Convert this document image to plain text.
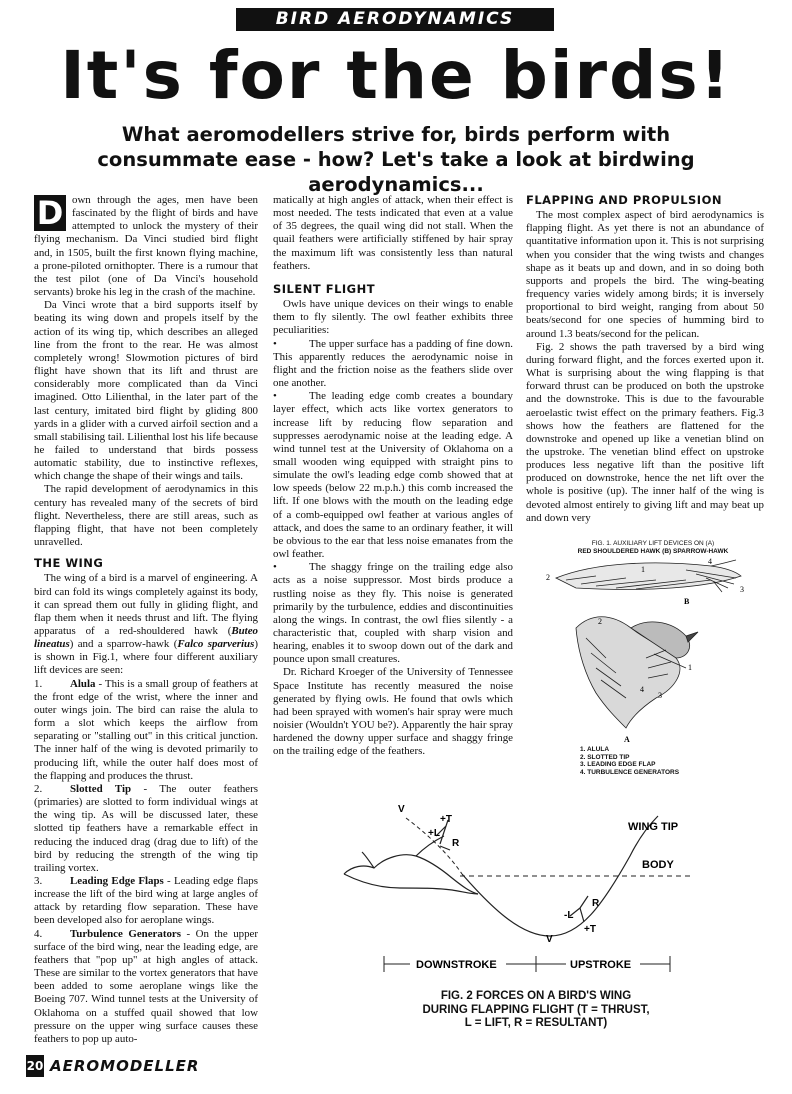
BIRD AERODYNAMICS
It's for the birds!
What aeromodellers strive for, birds perform with consummate ease - how? Let's take a look at birdwing aerodynamics...

D own through the ages, men have been fascinated by the flight of birds and have attempted to unlock the mystery of their flying mechanism. Da Vinci studied bird flight and, in 1505, built the first known flying machine, a prone-piloted ornithopter. There is a rumour that the test pilot (one of Da Vinci's household servants) broke his leg in the crash of the machine.

Da Vinci wrote that a bird supports itself by beating its wing down and propels itself by the action of its wing tip, which describes an alleged line from the front to the rear. He was almost completely wrong! Slowmotion pictures of bird flight have shown that its lift and thrust are considerably more complicated than da Vinci imagined. Otto Lilienthal, in the later part of the last century, imitated bird flight by gliding 800 yards in a glider with a curved airfoil section and a small stabilising tail. Lilienthal lost his life because he failed to understand that birds possess automatic stability, due to instinctive reflexes, which change the shape of their wings and tails.

The rapid development of aerodynamics in this century has revealed many of the secrets of bird flight. Nevertheless, there are still areas, such as flapping flight, that have not been completely unravelled.

THE WING

The wing of a bird is a marvel of engineering. A bird can fold its wings completely against its body, it can spread them out fully in gliding flight, and flap them when it needs thrust and lift. The flying apparatus of a red-shouldered hawk (Buteo lineatus) and a sparrow-hawk (Falco sparverius) is shown in Fig.1, where four different auxiliary lift devices are seen:

1.	Alula - This is a small group of feathers at the front edge of the wrist, where the inner and outer wings join. The bird can raise the alula to form a slot which keeps the airflow from separating or "stalling out" in this critical junction. The inner half of the wing is devoted primarily to producing lift, while the outer half does most of the flapping and produces the thrust.

2.	Slotted Tip - The outer feathers (primaries) are slotted to form individual wings at the wing tip. As will be discussed later, these slotted tip feathers have a remarkable effect in reducing the induced drag (drag due to lift) of the bird by reducing the strength of the wing tip trailing vortex.

3.	Leading Edge Flaps - Leading edge flaps increase the lift of the bird wing at large angles of attack by retarding flow separation. These have been developed also for aeroplane wings.

4.	Turbulence Generators - On the upper surface of the bird wing, near the leading edge, are feathers that "pop up" at high angles of attack. These are similar to the vortex generators that have been added to some aeroplane wings like the Boeing 707. Wind tunnel tests at the University of Oklahoma on a stuffed quail showed that low pressure on the upper wing surface causes these feathers to pop up auto-

matically at high angles of attack, when their effect is most needed. The tests indicated that even at a value of 35 degrees, the quail wing did not stall. When the quail feathers were artificially stiffened by hair spray the maximum lift was consistently less than natural feathers.

SILENT FLIGHT

Owls have unique devices on their wings to enable them to fly silently. The owl feather exhibits three peculiarities:

•	The upper surface has a padding of fine down. This apparently reduces the aerodynamic noise in flight and the friction noise as the feathers slide over one another.

•	The leading edge comb creates a boundary layer effect, which acts like vortex generators to increase lift by reducing flow separation and suppresses aerodynamic noise at the leading edge. A wind tunnel test at the University of Oklahoma on a small wooden wing equipped with straight pins to simulate the owl's leading edge comb showed that at low speeds (below 22 m.p.h.) this comb increased the lift. If one blows with the mouth on the leading edge of a comb-equipped owl feather at various angles of attack, and does the same to an ordinary feather, it will be obvious to the ear that less noise emanates from the owl feather.

•	The shaggy fringe on the trailing edge also acts as a noise suppressor. Most birds produce a rustling noise as they fly. This noise is generated primarily by the turbulence, eddies and discontinuities along the wings. In contrast, the owl flies silently - a characteristic that, coupled with sharp vision and hearing, enables it to swoop down out of the dark and pounce upon small creatures.

Dr. Richard Kroeger of the University of Tennessee Space Institute has recently measured the noise generated by flying owls. He found that owls which had been sprayed with women's hair spray were much noisier (Wouldn't YOU be?). Apparently the hair spray hardened the downy upper surface and shaggy fringe on the trailing edge of the feathers.

FLAPPING AND PROPULSION

The most complex aspect of bird aerodynamics is flapping flight. As yet there is not an abundance of quantitative information upon it. This is not surprising when you consider that the wing twists and changes shape as it beats up and down, and in so doing both supports and propels the bird. The wing-beating frequency varies widely among birds; it is inversely proportional to bird weight, ranging from about 50 beats/second for one species of humming bird to around 1.3 beats/second for the pelican.

Fig. 2 shows the path traversed by a bird wing during forward flight, and the forces exerted upon it. What is surprising about the wing flapping is that forward thrust can be produced on both the upstroke and the downstroke. This is due to the favourable aeroelastic twist effect on the primary feathers. Fig.3 shows how the feathers are flattened for the downstroke and opened up like a venetian blind on the upstroke. The venetian blind effect on upstroke produces less negative lift than the positive lift produced on downstroke, hence the net lift over the whole is positive (up). The inner half of the wing is devoted almost entirely to giving lift and may beat up and down very

FIG. 1. AUXILIARY LIFT DEVICES ON (A)
RED SHOULDERED HAWK (B) SPARROW-HAWK
2
1
4
3
B
2
1
4
3
A
1. ALULA
2. SLOTTED TIP
3. LEADING EDGE FLAP
4. TURBULENCE GENERATORS
V
+T
+L
R
WING TIP
BODY
-L
R
+T
V
DOWNSTROKE	UPSTROKE
FIG. 2 FORCES ON A BIRD'S WING
DURING FLAPPING FLIGHT (T = THRUST,
L = LIFT, R = RESULTANT)
20 AEROMODELLER
